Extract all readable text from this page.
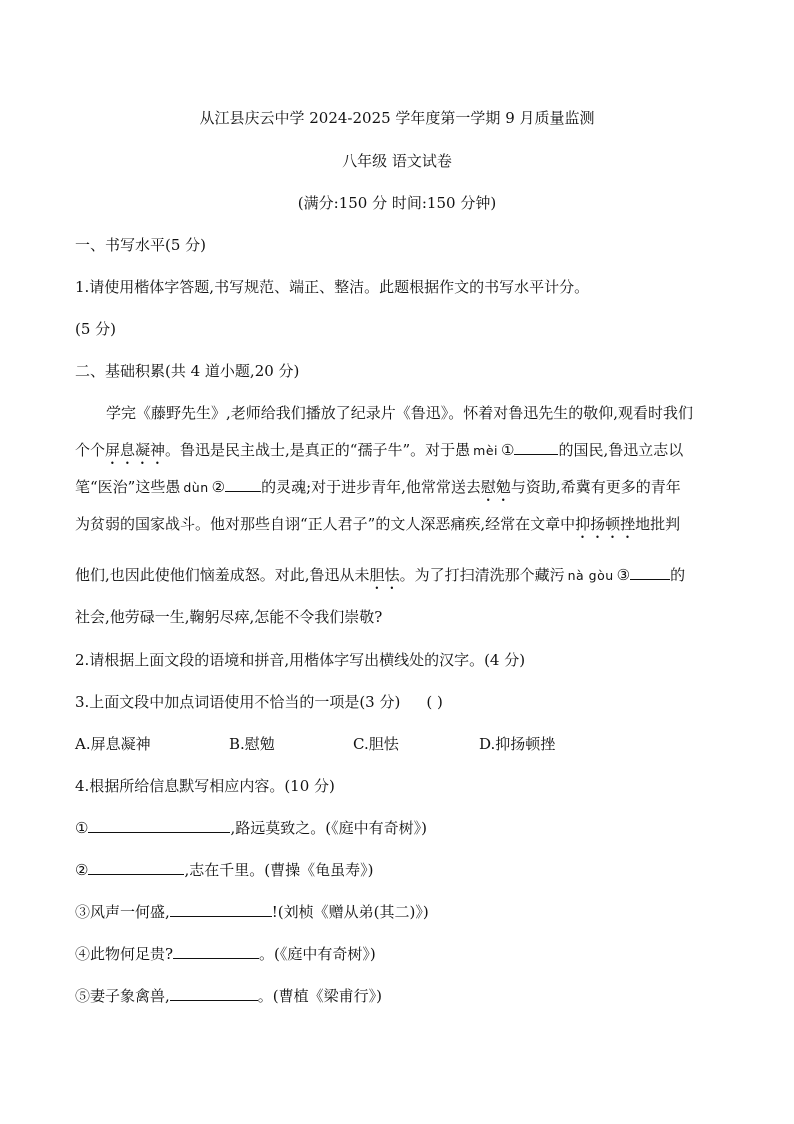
从江县庆云中学 2024-2025 学年度第一学期 9 月质量监测
八年级 语文试卷
(满分:150 分 时间:150 分钟)
一、书写水平(5 分)
1.请使用楷体字答题,书写规范、端正、整洁。此题根据作文的书写水平计分。
(5 分)
二、基础积累(共 4 道小题,20 分)
学完《藤野先生》,老师给我们播放了纪录片《鲁迅》。怀着对鲁迅先生的敬仰,观看时我们
个个屏息凝神。鲁迅是民主战士,是真正的“孺子牛”。对于愚 mèi ①	的国民,鲁迅立志以
笔“医治”这些愚 dùn ② 的灵魂;对于进步青年,他常常送去慰勉与资助,希冀有更多的青年
为贫弱的国家战斗。他对那些自诩“正人君子”的文人深恶痛疾,经常在文章中抑扬顿挫地批判
他们,也因此使他们恼羞成怒。对此,鲁迅从未胆怯。为了打扫清洗那个藏污 nà gòu ③	的
社会,他劳碌一生,鞠躬尽瘁,怎能不令我们崇敬?
2.请根据上面文段的语境和拼音,用楷体字写出横线处的汉字。(4 分)
3.上面文段中加点词语使用不恰当的一项是(3 分) ( )
A.屏息凝神	B.慰勉	C.胆怯	D.抑扬顿挫
4.根据所给信息默写相应内容。(10 分)
①	,路远莫致之。(《庭中有奇树》)
②	,志在千里。(曹操《龟虽寿》)
③风声一何盛,	!(刘桢《赠从弟(其二)》)
④此物何足贵?	。(《庭中有奇树》)
⑤妻子象禽兽,	。(曹植《梁甫行》)
